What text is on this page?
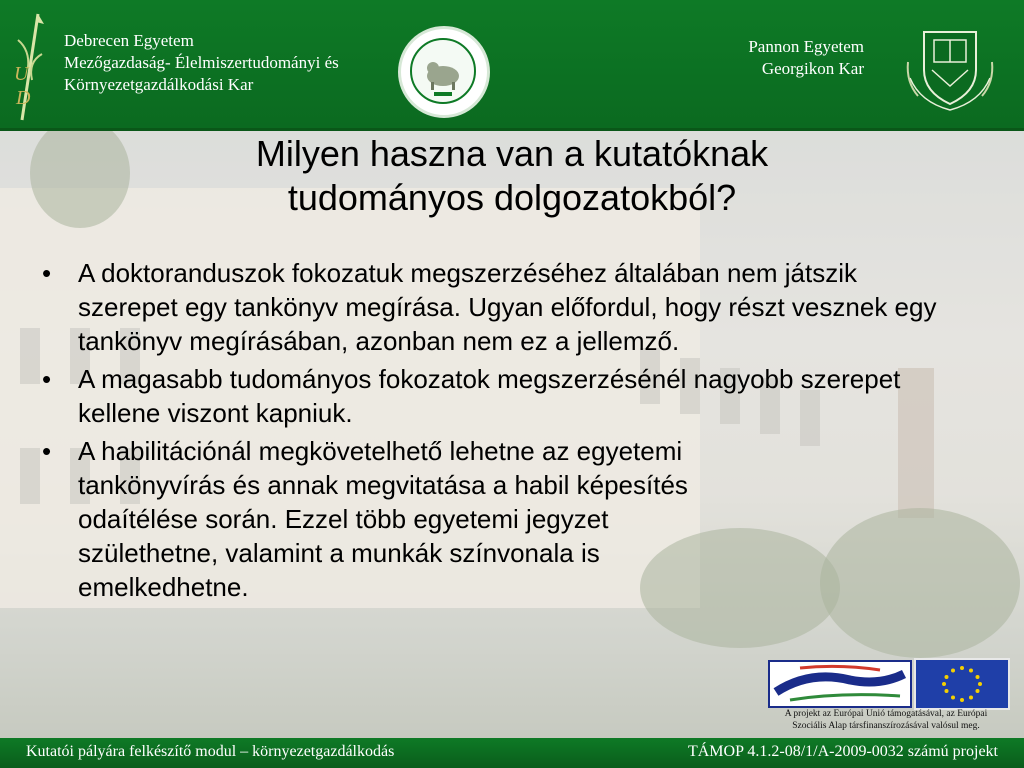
U
D
Debrecen Egyetem
Mezőgazdaság- Élelmiszertudományi és
Környezetgazdálkodási Kar
Pannon Egyetem
Georgikon Kar
Milyen haszna van a kutatóknak
tudományos dolgozatokból?
• A doktoranduszok fokozatuk megszerzéséhez általában nem játszik szerepet egy tankönyv megírása. Ugyan előfordul, hogy részt vesznek egy tankönyv megírásában, azonban nem ez a jellemző.
• A magasabb tudományos fokozatok megszerzésénél nagyobb szerepet kellene viszont kapniuk.
• A habilitációnál megkövetelhető lehetne az egyetemi tankönyvírás és annak megvitatása a habil képesítés odaítélése során. Ezzel több egyetemi jegyzet születhetne, valamint a munkák színvonala is emelkedhetne.
A projekt az Európai Unió támogatásával, az Európai
Szociális Alap társfinanszírozásával valósul meg.
Kutatói pályára felkészítő modul – környezetgazdálkodás	TÁMOP 4.1.2-08/1/A-2009-0032 számú projekt
